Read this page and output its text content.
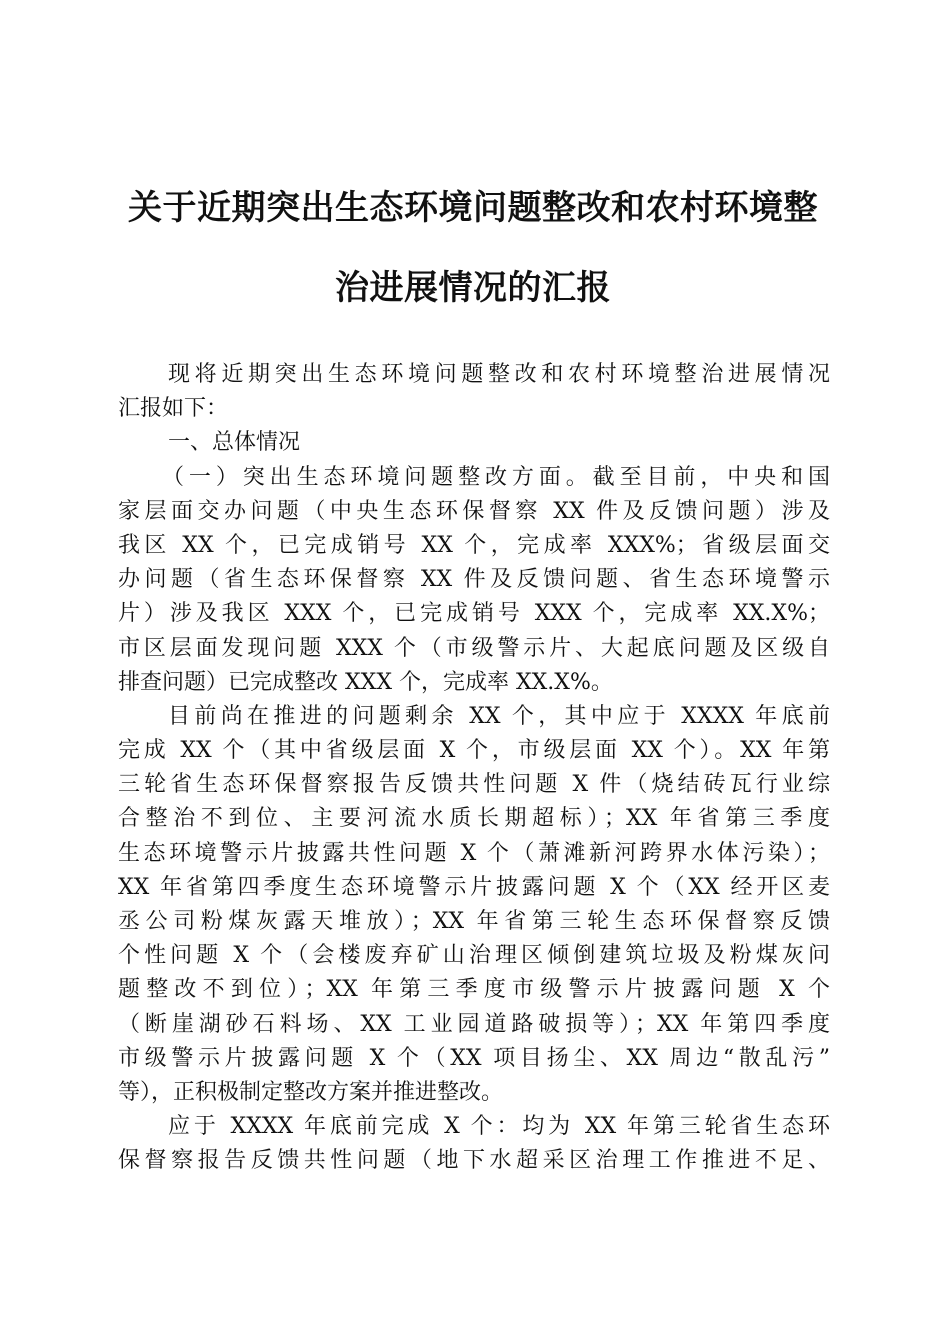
关于近期突出生态环境问题整改和农村环境整
治进展情况的汇报
现将近期突出生态环境问题整改和农村环境整治进展情况
汇报如下：
一、总体情况
（一）突出生态环境问题整改方面。截至目前，中央和国
家层面交办问题（中央生态环保督察 XX 件及反馈问题）涉及
我区 XX 个，已完成销号 XX 个，完成率 XXX%；省级层面交
办问题（省生态环保督察 XX 件及反馈问题、省生态环境警示
片）涉及我区 XXX 个，已完成销号 XXX 个，完成率 XX.X%；
市区层面发现问题 XXX 个（市级警示片、大起底问题及区级自
排查问题）已完成整改 XXX 个，完成率 XX.X%。
目前尚在推进的问题剩余 XX 个，其中应于 XXXX 年底前
完成 XX 个（其中省级层面 X 个，市级层面 XX 个）。XX 年第
三轮省生态环保督察报告反馈共性问题 X 件（烧结砖瓦行业综
合整治不到位、主要河流水质长期超标）；XX 年省第三季度
生态环境警示片披露共性问题 X 个（萧滩新河跨界水体污染）；
XX 年省第四季度生态环境警示片披露问题 X 个（XX 经开区麦
丞公司粉煤灰露天堆放）；XX 年省第三轮生态环保督察反馈
个性问题 X 个（会楼废弃矿山治理区倾倒建筑垃圾及粉煤灰问
题整改不到位）；XX 年第三季度市级警示片披露问题 X 个
（断崖湖砂石料场、XX 工业园道路破损等）；XX 年第四季度
市级警示片披露问题 X 个（XX 项目扬尘、XX 周边“散乱污”
等），正积极制定整改方案并推进整改。
应于 XXXX 年底前完成 X 个：均为 XX 年第三轮省生态环
保督察报告反馈共性问题（地下水超采区治理工作推进不足、
